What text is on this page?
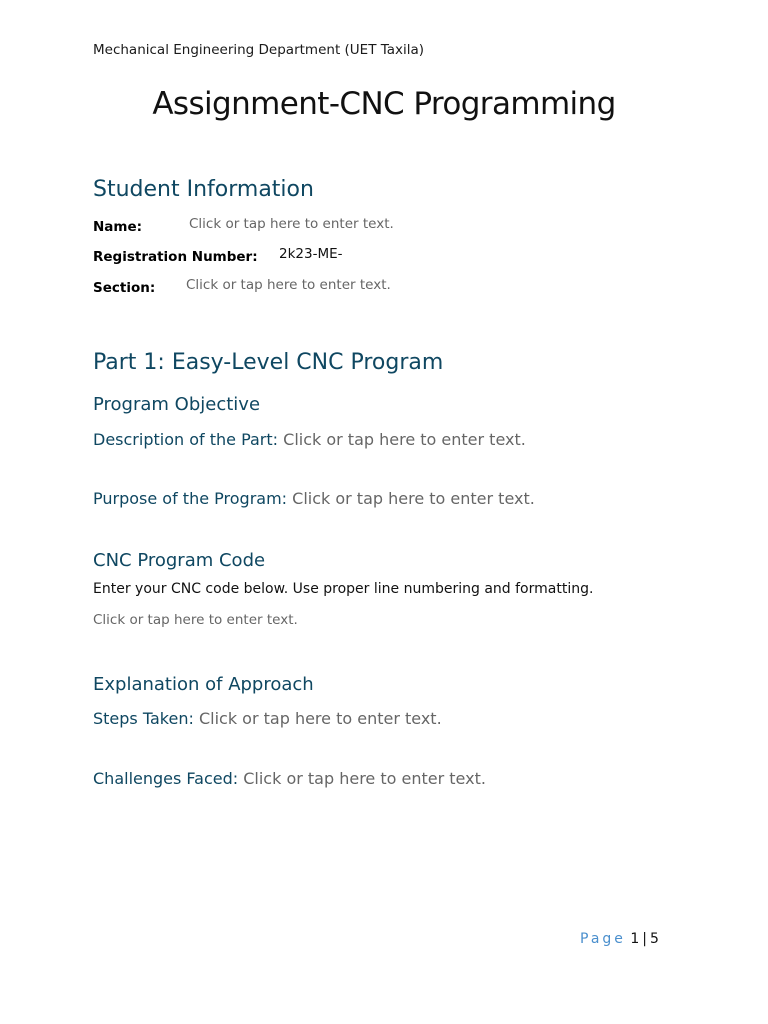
Mechanical Engineering Department (UET Taxila)
Assignment-CNC Programming
Student Information
Name:	Click or tap here to enter text.
Registration Number: 2k23-ME-
Section: Click or tap here to enter text.
Part 1: Easy-Level CNC Program
Program Objective
Description of the Part: Click or tap here to enter text.
Purpose of the Program: Click or tap here to enter text.
CNC Program Code
Enter your CNC code below. Use proper line numbering and formatting.
Click or tap here to enter text.
Explanation of Approach
Steps Taken: Click or tap here to enter text.
Challenges Faced: Click or tap here to enter text.
Page 1 | 5
